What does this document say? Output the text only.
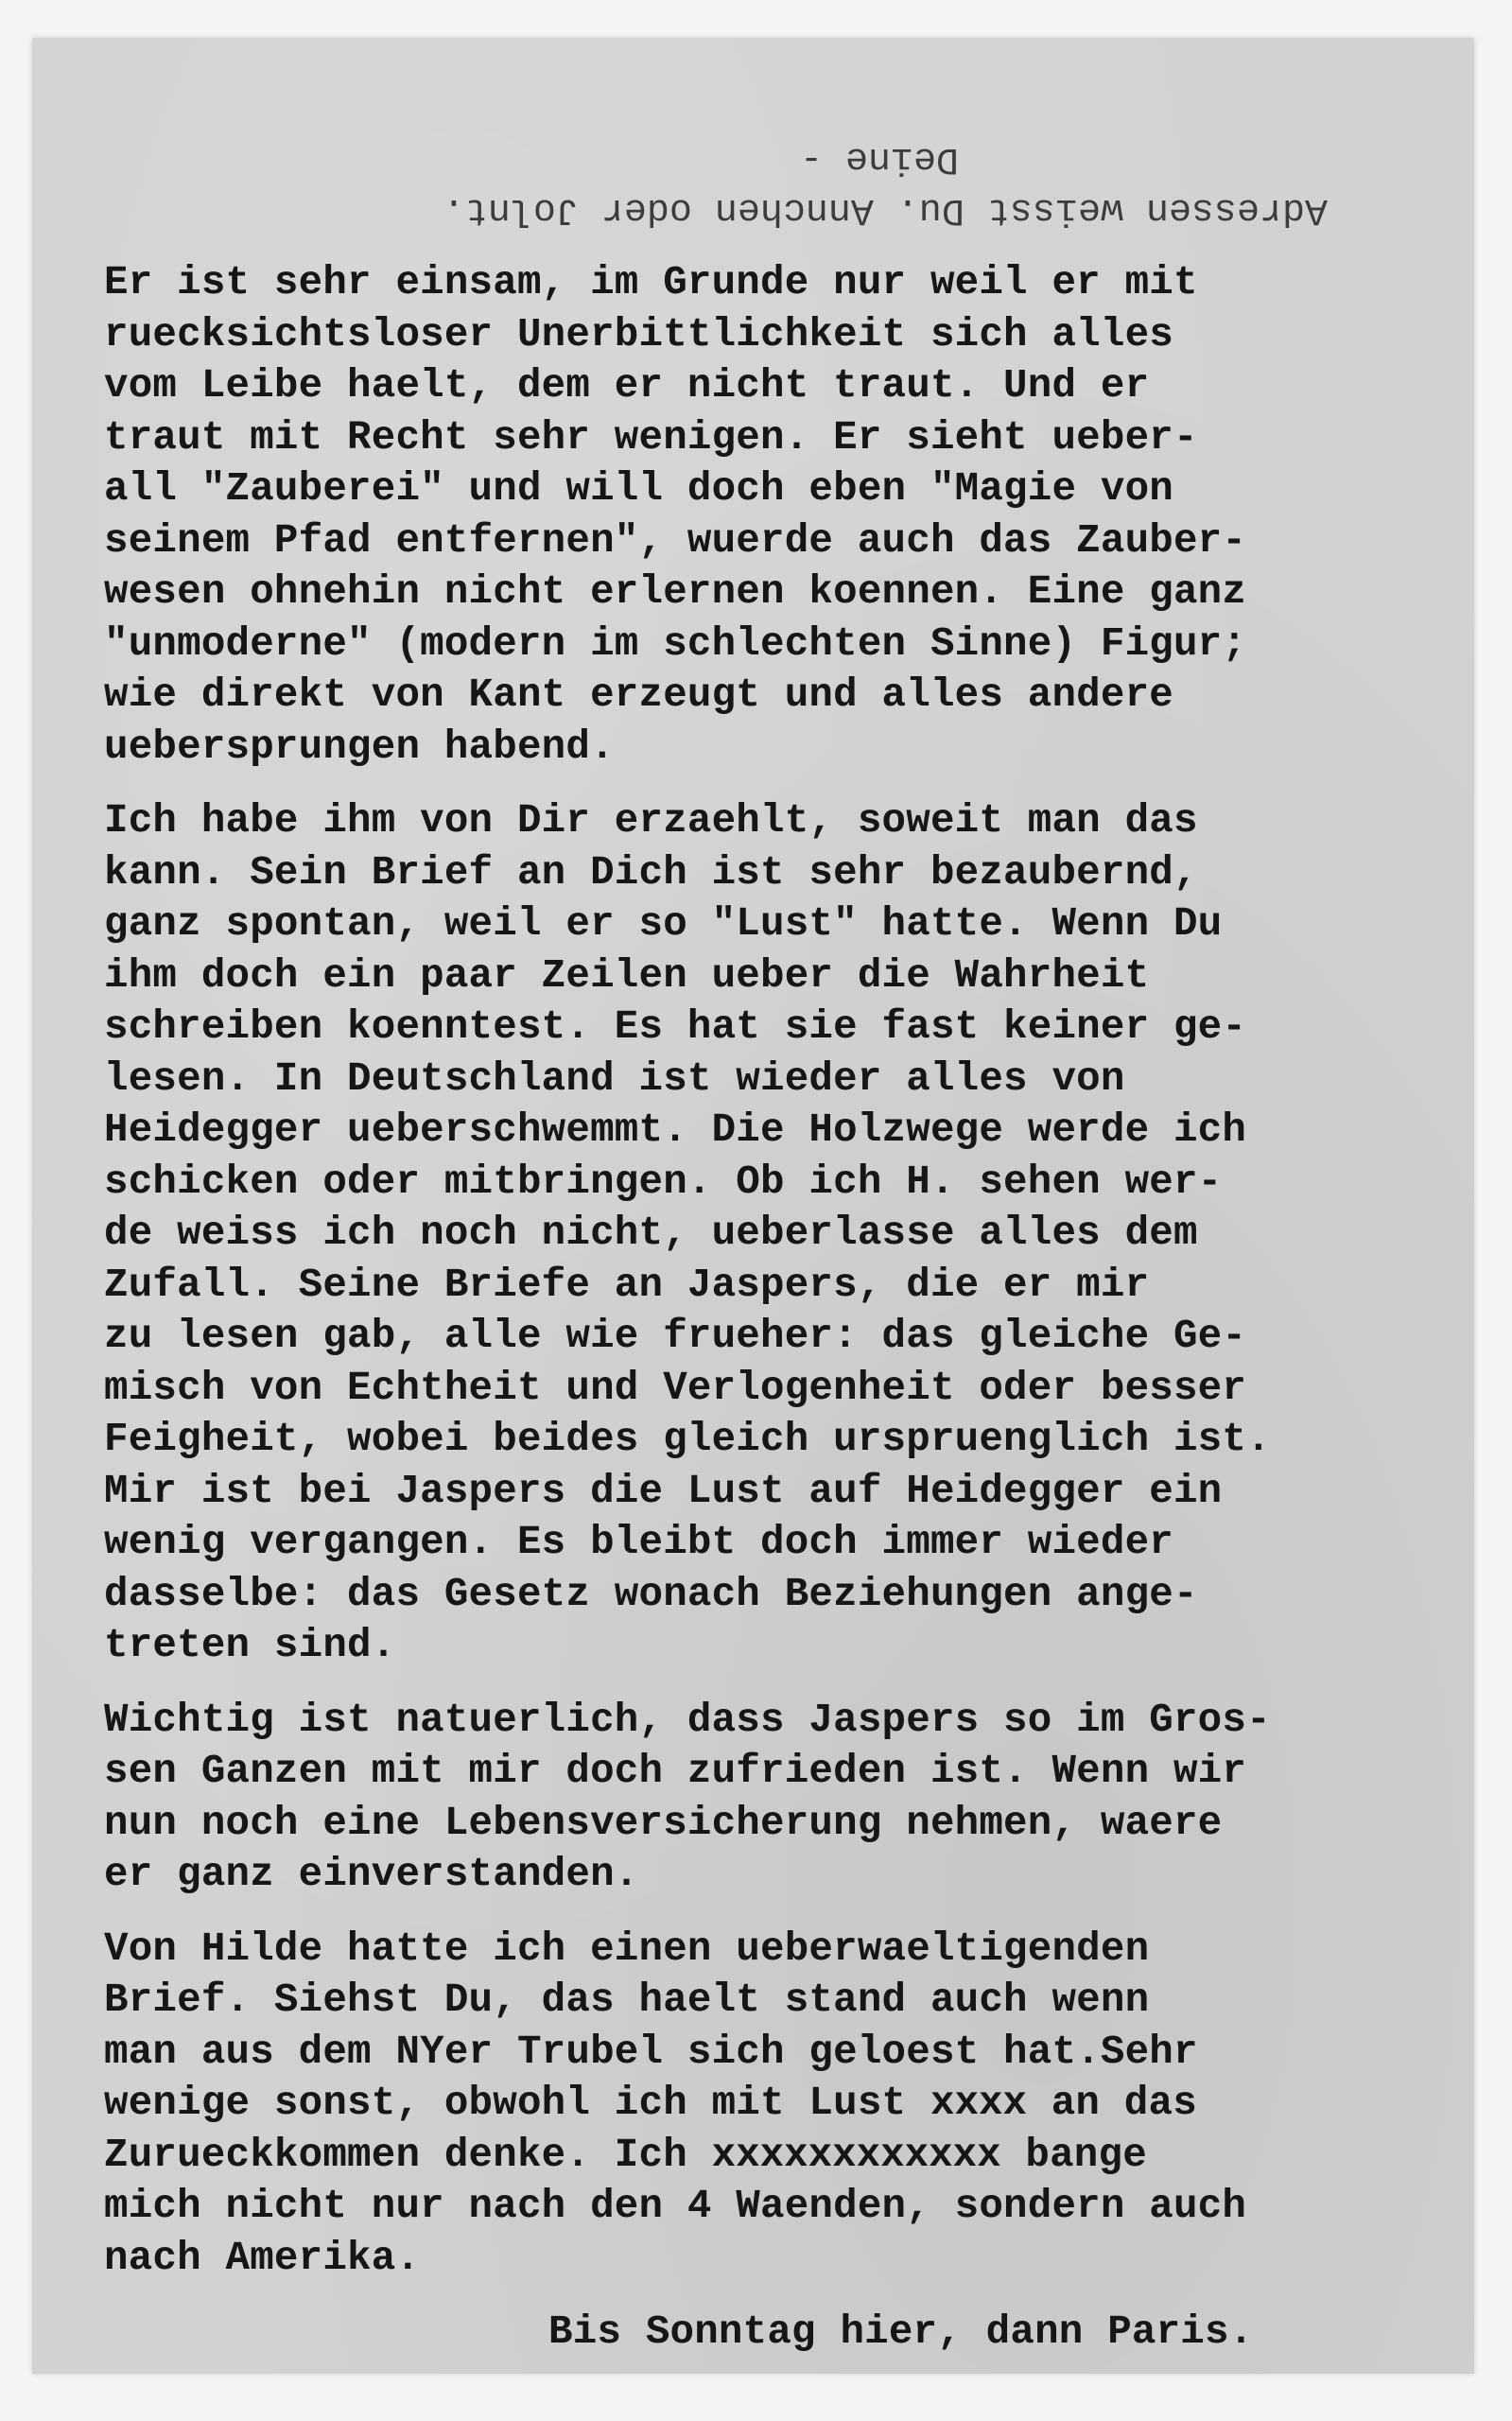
Adressen weisst Du. Annchen oder Jolnt.
Deine -
Er ist sehr einsam, im Grunde nur weil er mit
ruecksichtsloser Unerbittlichkeit sich alles
vom Leibe haelt, dem er nicht traut. Und er
traut mit Recht sehr wenigen. Er sieht ueber-
all "Zauberei" und will doch eben "Magie von
seinem Pfad entfernen", wuerde auch das Zauber-
wesen ohnehin nicht erlernen koennen. Eine ganz
"unmoderne" (modern im schlechten Sinne) Figur;
wie direkt von Kant erzeugt und alles andere
uebersprungen habend.
Ich habe ihm von Dir erzaehlt, soweit man das
kann. Sein Brief an Dich ist sehr bezaubernd,
ganz spontan, weil er so "Lust" hatte. Wenn Du
ihm doch ein paar Zeilen ueber die Wahrheit
schreiben koenntest. Es hat sie fast keiner ge-
lesen. In Deutschland ist wieder alles von
Heidegger ueberschwemmt. Die Holzwege werde ich
schicken oder mitbringen. Ob ich H. sehen wer-
de weiss ich noch nicht, ueberlasse alles dem
Zufall. Seine Briefe an Jaspers, die er mir
zu lesen gab, alle wie frueher: das gleiche Ge-
misch von Echtheit und Verlogenheit oder besser
Feigheit, wobei beides gleich urspruenglich ist.
Mir ist bei Jaspers die Lust auf Heidegger ein
wenig vergangen. Es bleibt doch immer wieder
dasselbe: das Gesetz wonach Beziehungen ange-
treten sind.
Wichtig ist natuerlich, dass Jaspers so im Gros-
sen Ganzen mit mir doch zufrieden ist. Wenn wir
nun noch eine Lebensversicherung nehmen, waere
er ganz einverstanden.
Von Hilde hatte ich einen ueberwaeltigenden
Brief. Siehst Du, das haelt stand auch wenn
man aus dem NYer Trubel sich geloest hat.Sehr
wenige sonst, obwohl ich mit Lust xxxx an das
Zurueckkommen denke. Ich xxxxxxxxxxxx bange
mich nicht nur nach den 4 Waenden, sondern auch
nach Amerika.
Bis Sonntag hier, dann Paris.
